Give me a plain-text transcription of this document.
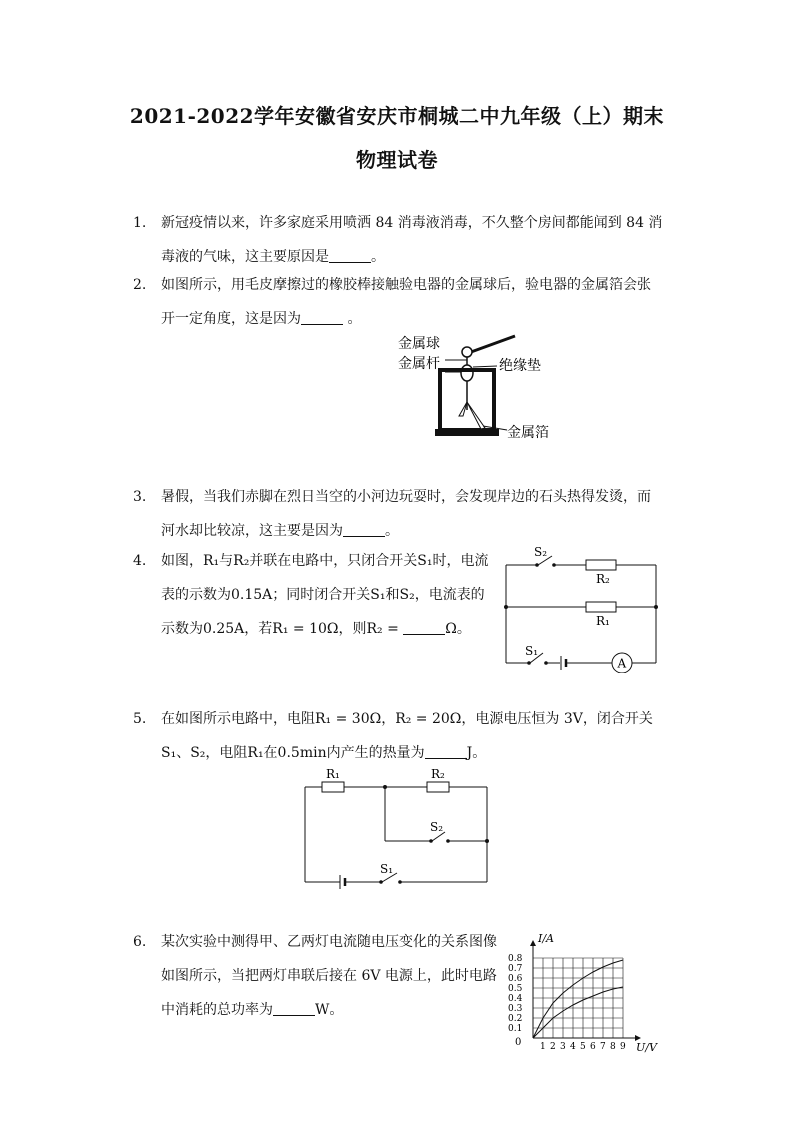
2021-2022学年安徽省安庆市桐城二中九年级（上）期末
物理试卷
1. 新冠疫情以来，许多家庭采用喷洒 84 消毒液消毒，不久整个房间都能闻到 84 消毒液的气味，这主要原因是	。
2. 如图所示，用毛皮摩擦过的橡胶棒接触验电器的金属球后，验电器的金属箔会张开一定角度，这是因为	。
金属球
金属杆	绝缘垫
金属箔
3. 暑假，当我们赤脚在烈日当空的小河边玩耍时，会发现岸边的石头热得发烫，而河水却比较凉，这主要是因为	。
4. 如图，R₁与R₂并联在电路中，只闭合开关S₁时，电流表的示数为0.15A；同时闭合开关S₁和S₂，电流表的示数为0.25A，若R₁ = 10Ω，则R₂ =	Ω。
S₂
R₂
R₁
A
S₁
5. 在如图所示电路中，电阻R₁ = 30Ω，R₂ = 20Ω，电源电压恒为 3V，闭合开关S₁、S₂，电阻R₁在0.5min内产生的热量为	J。
R₁	R₂
S₂
S₁
6. 某次实验中测得甲、乙两灯电流随电压变化的关系图像如图所示，当把两灯串联后接在 6V 电源上，此时电路中消耗的总功率为	W。
I/A
U/V
0
0.1
0.2
0.3
0.4
0.5
0.6
0.7
0.8
1 2 3 4 5 6 7 8 9
